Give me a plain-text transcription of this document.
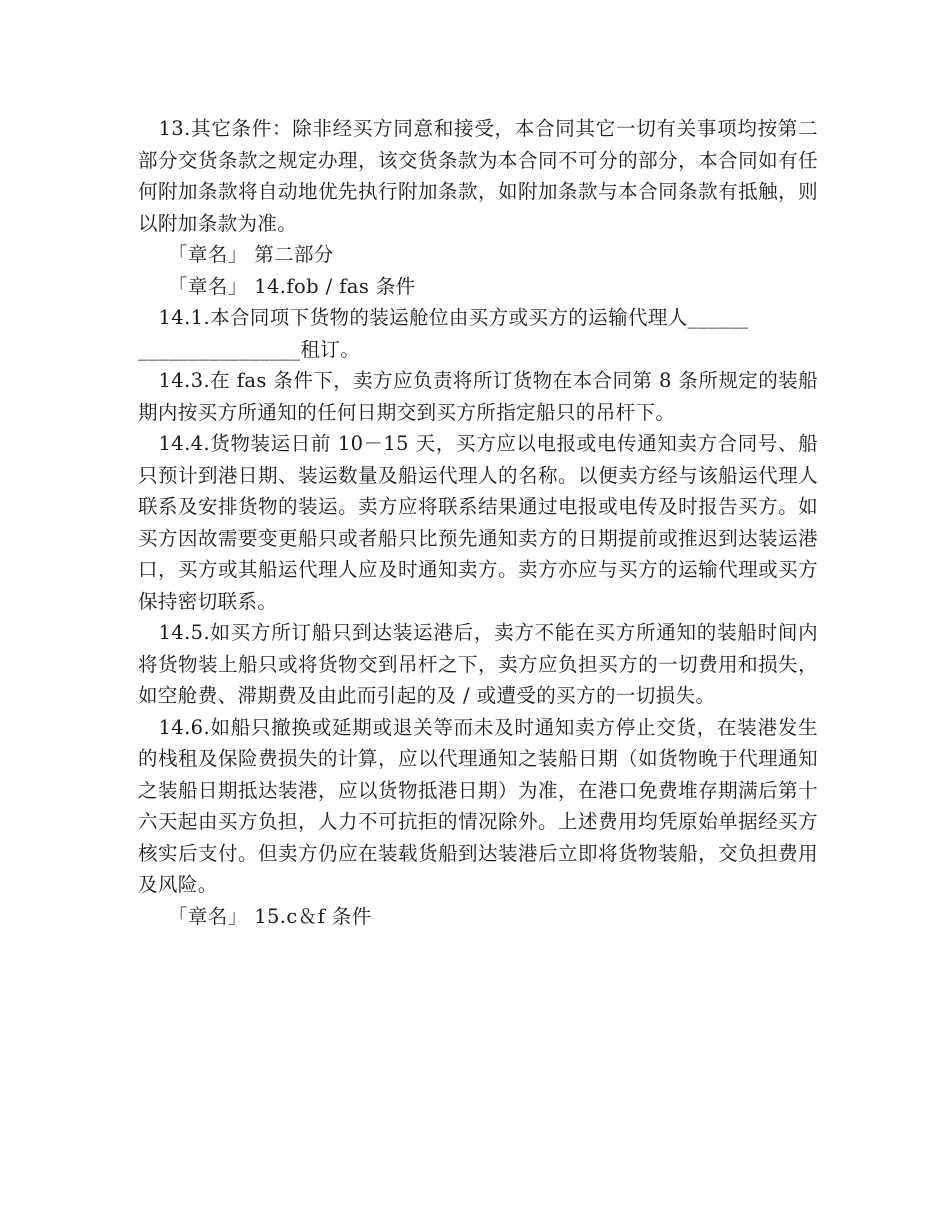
13.其它条件：除非经买方同意和接受，本合同其它一切有关事项均按第二部分交货条款之规定办理，该交货条款为本合同不可分的部分，本合同如有任何附加条款将自动地优先执行附加条款，如附加条款与本合同条款有抵触，则以附加条款为准。

「章名」 第二部分

「章名」 14.fob / fas 条件

14.1.本合同项下货物的装运舱位由买方或买方的运输代理人______

________________租订。

14.3.在 fas 条件下，卖方应负责将所订货物在本合同第 8 条所规定的装船期内按买方所通知的任何日期交到买方所指定船只的吊杆下。

14.4.货物装运日前 10－15 天，买方应以电报或电传通知卖方合同号、船只预计到港日期、装运数量及船运代理人的名称。以便卖方经与该船运代理人联系及安排货物的装运。卖方应将联系结果通过电报或电传及时报告买方。如买方因故需要变更船只或者船只比预先通知卖方的日期提前或推迟到达装运港口，买方或其船运代理人应及时通知卖方。卖方亦应与买方的运输代理或买方保持密切联系。

14.5.如买方所订船只到达装运港后，卖方不能在买方所通知的装船时间内将货物装上船只或将货物交到吊杆之下，卖方应负担买方的一切费用和损失，如空舱费、滞期费及由此而引起的及 / 或遭受的买方的一切损失。

14.6.如船只撤换或延期或退关等而未及时通知卖方停止交货，在装港发生的栈租及保险费损失的计算，应以代理通知之装船日期（如货物晚于代理通知之装船日期抵达装港，应以货物抵港日期）为准，在港口免费堆存期满后第十六天起由买方负担，人力不可抗拒的情况除外。上述费用均凭原始单据经买方核实后支付。但卖方仍应在装载货船到达装港后立即将货物装船，交负担费用及风险。

「章名」 15.c＆f 条件
